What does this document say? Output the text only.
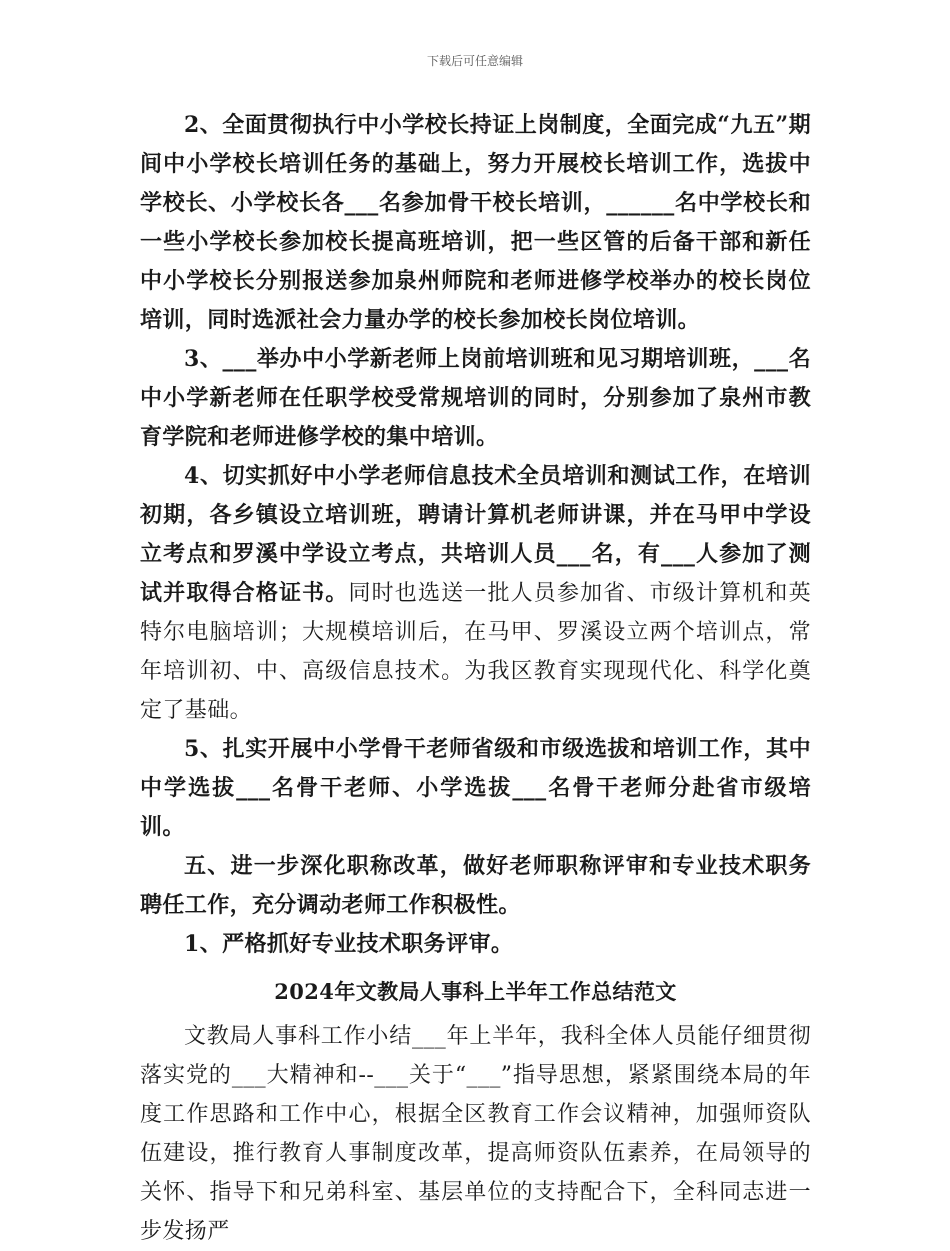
下载后可任意编辑

2、全面贯彻执行中小学校长持证上岗制度，全面完成“九五”期间中小学校长培训任务的基础上，努力开展校长培训工作，选拔中学校长、小学校长各___名参加骨干校长培训，______名中学校长和一些小学校长参加校长提高班培训，把一些区管的后备干部和新任中小学校长分别报送参加泉州师院和老师进修学校举办的校长岗位培训，同时选派社会力量办学的校长参加校长岗位培训。

3、___举办中小学新老师上岗前培训班和见习期培训班，___名中小学新老师在任职学校受常规培训的同时，分别参加了泉州市教育学院和老师进修学校的集中培训。

4、切实抓好中小学老师信息技术全员培训和测试工作，在培训初期，各乡镇设立培训班，聘请计算机老师讲课，并在马甲中学设立考点和罗溪中学设立考点，共培训人员___名，有___人参加了测试并取得合格证书。同时也选送一批人员参加省、市级计算机和英特尔电脑培训；大规模培训后，在马甲、罗溪设立两个培训点，常年培训初、中、高级信息技术。为我区教育实现现代化、科学化奠定了基础。

5、扎实开展中小学骨干老师省级和市级选拔和培训工作，其中中学选拔___名骨干老师、小学选拔___名骨干老师分赴省市级培训。

五、进一步深化职称改革，做好老师职称评审和专业技术职务聘任工作，充分调动老师工作积极性。

1、严格抓好专业技术职务评审。

2024年文教局人事科上半年工作总结范文

文教局人事科工作小结___年上半年，我科全体人员能仔细贯彻落实党的___大精神和--___关于“___”指导思想，紧紧围绕本局的年度工作思路和工作中心，根据全区教育工作会议精神，加强师资队伍建设，推行教育人事制度改革，提高师资队伍素养，在局领导的关怀、指导下和兄弟科室、基层单位的支持配合下，全科同志进一步发扬严
